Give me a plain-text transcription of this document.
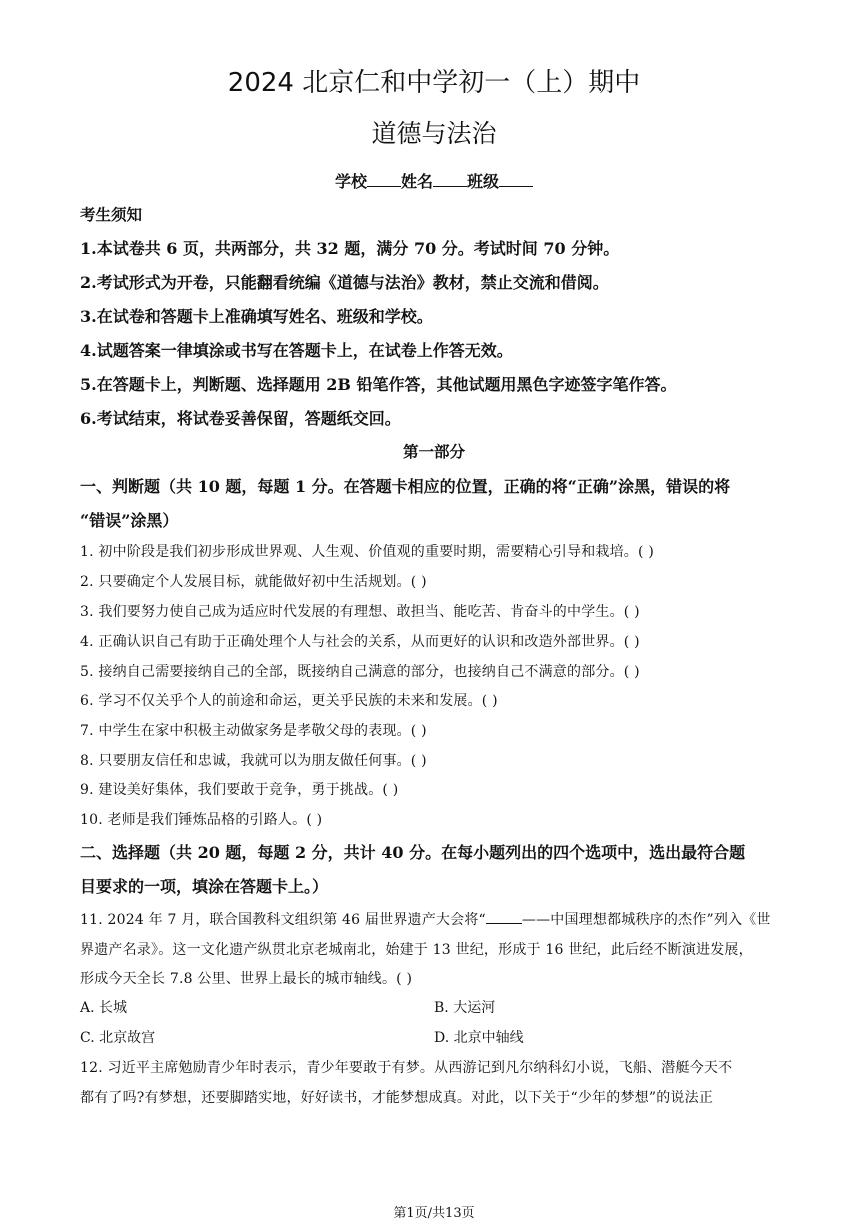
2024 北京仁和中学初一（上）期中
道德与法治
学校 姓名 班级
考生须知
1.本试卷共 6 页，共两部分，共 32 题，满分 70 分。考试时间 70 分钟。
2.考试形式为开卷，只能翻看统编《道德与法治》教材，禁止交流和借阅。
3.在试卷和答题卡上准确填写姓名、班级和学校。
4.试题答案一律填涂或书写在答题卡上，在试卷上作答无效。
5.在答题卡上，判断题、选择题用 2B 铅笔作答，其他试题用黑色字迹签字笔作答。
6.考试结束，将试卷妥善保留，答题纸交回。
第一部分
一、判断题（共 10 题，每题 1 分。在答题卡相应的位置，正确的将“正确”涂黑，错误的将
“错误”涂黑）
1. 初中阶段是我们初步形成世界观、人生观、价值观的重要时期，需要精心引导和栽培。( )
2. 只要确定个人发展目标，就能做好初中生活规划。( )
3. 我们要努力使自己成为适应时代发展的有理想、敢担当、能吃苦、肯奋斗的中学生。( )
4. 正确认识自己有助于正确处理个人与社会的关系，从而更好的认识和改造外部世界。( )
5. 接纳自己需要接纳自己的全部，既接纳自己满意的部分，也接纳自己不满意的部分。( )
6. 学习不仅关乎个人的前途和命运，更关乎民族的未来和发展。( )
7. 中学生在家中积极主动做家务是孝敬父母的表现。( )
8. 只要朋友信任和忠诚，我就可以为朋友做任何事。( )
9. 建设美好集体，我们要敢于竞争，勇于挑战。( )
10. 老师是我们锤炼品格的引路人。( )
二、选择题（共 20 题，每题 2 分，共计 40 分。在每小题列出的四个选项中，选出最符合题
目要求的一项，填涂在答题卡上。）
11. 2024 年 7 月，联合国教科文组织第 46 届世界遗产大会将“	——中国理想都城秩序的杰作”列入《世
界遗产名录》。这一文化遗产纵贯北京老城南北，始建于 13 世纪，形成于 16 世纪，此后经不断演进发展，
形成今天全长 7.8 公里、世界上最长的城市轴线。( )
A. 长城	B. 大运河
C. 北京故宫	D. 北京中轴线
12. 习近平主席勉励青少年时表示，青少年要敢于有梦。从西游记到凡尔纳科幻小说，飞船、潜艇今天不
都有了吗?有梦想，还要脚踏实地，好好读书，才能梦想成真。对此，以下关于“少年的梦想”的说法正
第1页/共13页
